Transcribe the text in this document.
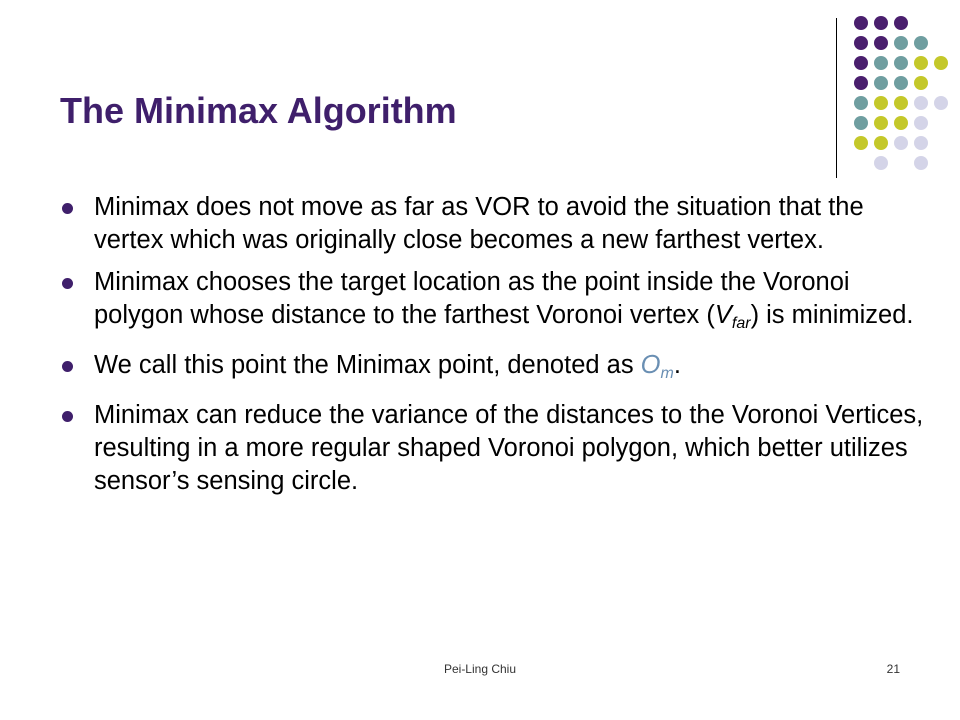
The Minimax Algorithm
Minimax does not move as far as VOR to avoid the situation that the vertex which was originally close becomes a new farthest vertex.
Minimax chooses the target location as the point inside the Voronoi polygon whose distance to the farthest Voronoi vertex $(V_{far})$ is minimized.
We call this point the Minimax point, denoted as $O_m$.
Minimax can reduce the variance of the distances to the Voronoi Vertices, resulting in a more regular shaped Voronoi polygon, which better utilizes sensor’s sensing circle.
Pei-Ling Chiu	21
